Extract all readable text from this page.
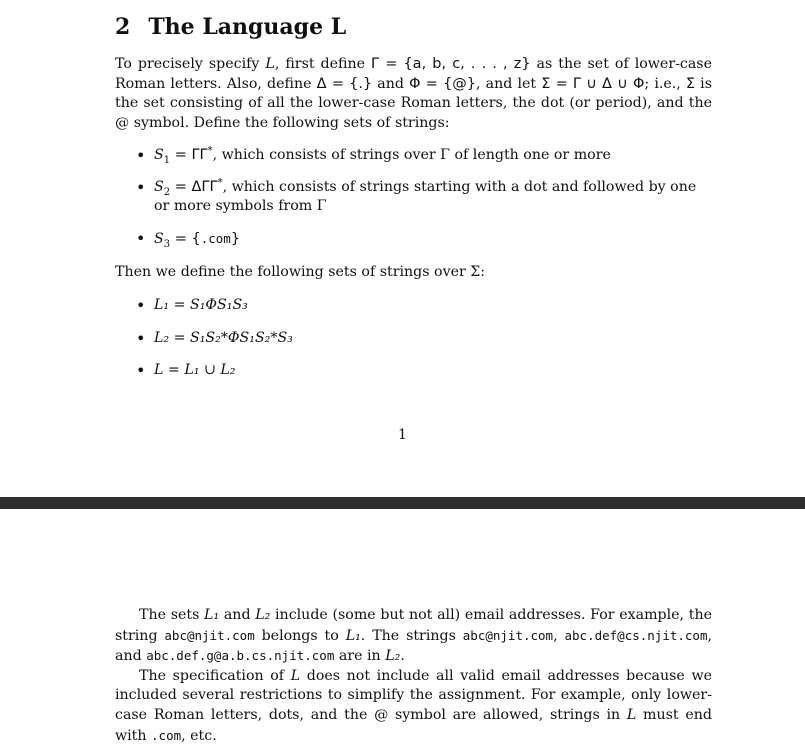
2 The Language L

To precisely specify L, first define Γ = {a, b, c, . . . , z} as the set of lower-case Roman letters. Also, define Δ = {.} and Φ = {@}, and let Σ = Γ ∪ Δ ∪ Φ; i.e., Σ is the set consisting of all the lower-case Roman letters, the dot (or period), and the @ symbol. Define the following sets of strings:

• $S_1 = \Gamma\Gamma^*$, which consists of strings over Γ of length one or more
• $S_2 = \Delta\Gamma\Gamma^*$, which consists of strings starting with a dot and followed by one or more symbols from Γ
• $S_3 = \{.com\}$

Then we define the following sets of strings over Σ:

• L₁ = S₁ΦS₁S₃
• L₂ = S₁S₂*ΦS₁S₂*S₃
• L = L₁ ∪ L₂
1

The sets L₁ and L₂ include (some but not all) email addresses. For example, the string abc@njit.com belongs to L₁. The strings abc@njit.com, abc.def@cs.njit.com, and abc.def.g@a.b.cs.njit.com are in L₂.

The specification of L does not include all valid email addresses because we included several restrictions to simplify the assignment. For example, only lower-case Roman letters, dots, and the @ symbol are allowed, strings in L must end with .com, etc.
